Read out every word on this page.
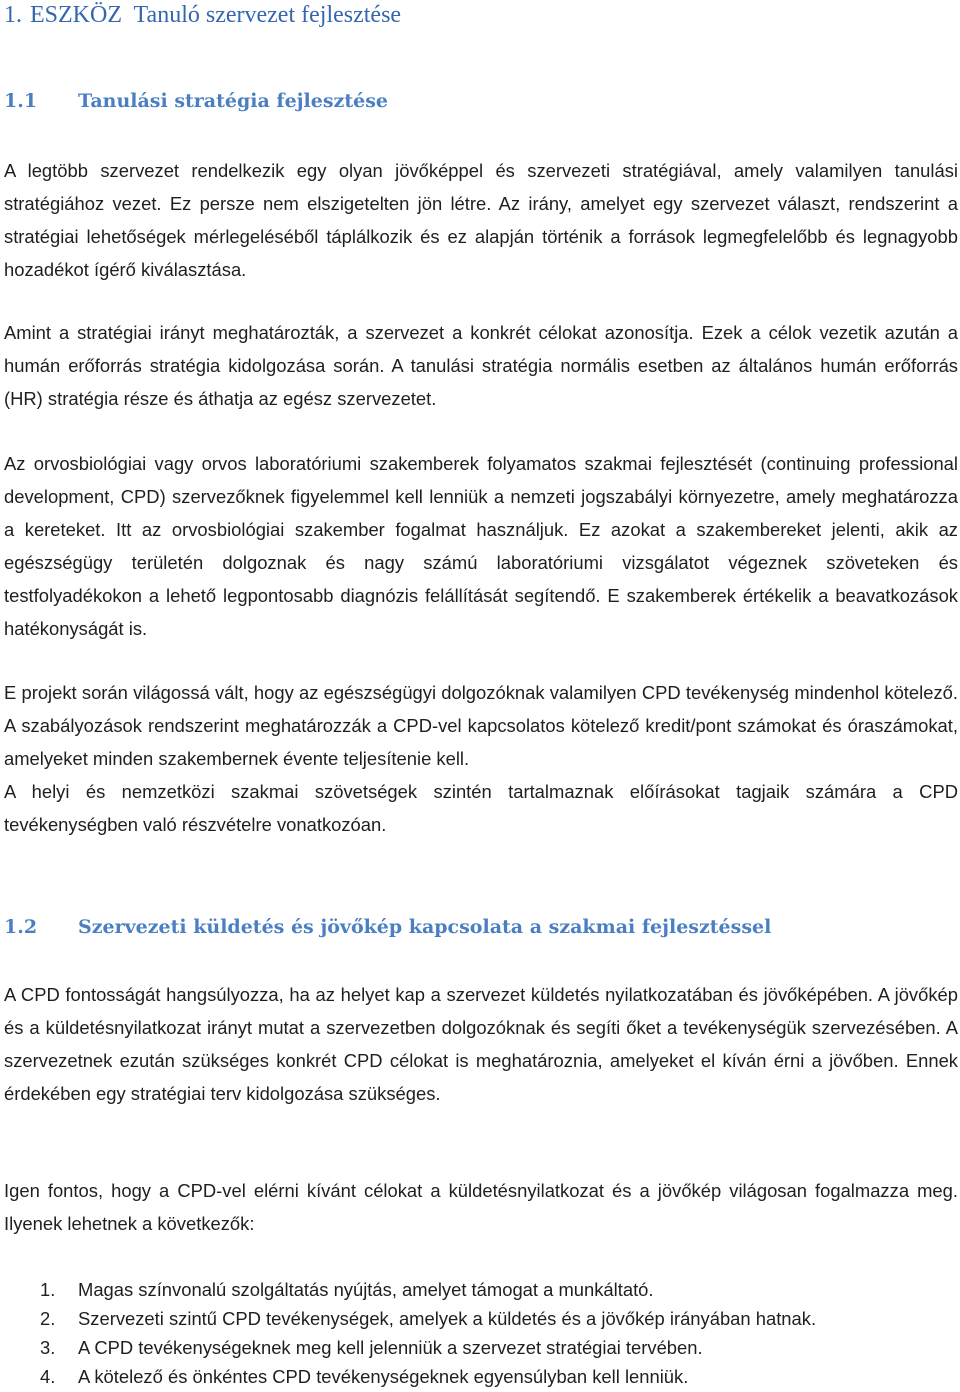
1. ESZKÖZ  Tanuló szervezet fejlesztése
1.1 Tanulási stratégia fejlesztése

A legtöbb szervezet rendelkezik egy olyan jövőképpel és szervezeti stratégiával, amely valamilyen tanulási stratégiához vezet. Ez persze nem elszigetelten jön létre. Az irány, amelyet egy szervezet választ, rendszerint a stratégiai lehetőségek mérlegeléséből táplálkozik és ez alapján történik a források legmegfelelőbb és legnagyobb hozadékot ígérő kiválasztása.

Amint a stratégiai irányt meghatározták, a szervezet a konkrét célokat azonosítja. Ezek a célok vezetik azután a humán erőforrás stratégia kidolgozása során. A tanulási stratégia normális esetben az általános humán erőforrás (HR) stratégia része és áthatja az egész szervezetet.

Az orvosbiológiai vagy orvos laboratóriumi szakemberek folyamatos szakmai fejlesztését (continuing professional development, CPD) szervezőknek figyelemmel kell lenniük a nemzeti jogszabályi környezetre, amely meghatározza a kereteket. Itt az orvosbiológiai szakember fogalmat használjuk. Ez azokat a szakembereket jelenti, akik az egészségügy területén dolgoznak és nagy számú laboratóriumi vizsgálatot végeznek szöveteken és testfolyadékokon a lehető legpontosabb diagnózis felállítását segítendő. E szakemberek értékelik a beavatkozások hatékonyságát is.

E projekt során világossá vált, hogy az egészségügyi dolgozóknak valamilyen CPD tevékenység mindenhol kötelező. A szabályozások rendszerint meghatározzák a CPD-vel kapcsolatos kötelező kredit/pont számokat és óraszámokat, amelyeket minden szakembernek évente teljesítenie kell.

A helyi és nemzetközi szakmai szövetségek szintén tartalmaznak előírásokat tagjaik számára a CPD tevékenységben való részvételre vonatkozóan.

1.2 Szervezeti küldetés és jövőkép kapcsolata a szakmai fejlesztéssel

A CPD fontosságát hangsúlyozza, ha az helyet kap a szervezet küldetés nyilatkozatában és jövőképében. A jövőkép és a küldetésnyilatkozat irányt mutat a szervezetben dolgozóknak és segíti őket a tevékenységük szervezésében. A szervezetnek ezután szükséges konkrét CPD célokat is meghatároznia, amelyeket el kíván érni a jövőben. Ennek érdekében egy stratégiai terv kidolgozása szükséges.

Igen fontos, hogy a CPD-vel elérni kívánt célokat a küldetésnyilatkozat és a jövőkép világosan fogalmazza meg. Ilyenek lehetnek a következők:

1. Magas színvonalú szolgáltatás nyújtás, amelyet támogat a munkáltató.
2. Szervezeti szintű CPD tevékenységek, amelyek a küldetés és a jövőkép irányában hatnak.
3. A CPD tevékenységeknek meg kell jelenniük a szervezet stratégiai tervében.
4. A kötelező és önkéntes CPD tevékenységeknek egyensúlyban kell lenniük.
